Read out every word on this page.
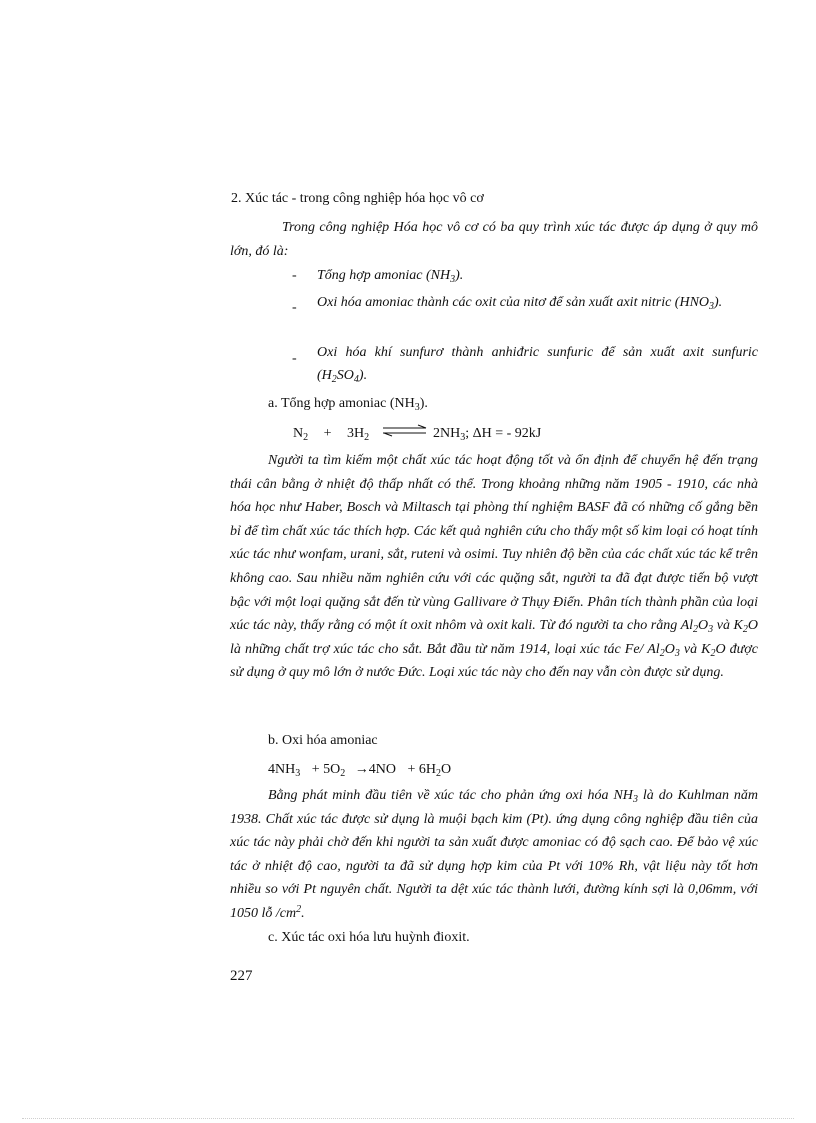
2. Xúc tác - trong công nghiệp hóa học vô cơ
Trong công nghiệp Hóa học vô cơ có ba quy trình xúc tác được áp dụng ở quy mô lớn, đó là:
- Tổng hợp amoniac $(NH_3)$.
- Oxi hóa amoniac thành các oxit của nitơ để sản xuất axit nitric $(HNO_3)$.
- Oxi hóa khí sunfurơ thành anhiđric sunfuric để sản xuất axit sunfuric $(H_2SO_4)$.
a. Tổng hợp amoniac $(NH_3)$.
$N_2 + 3H_2$ ⇌ $2NH_3$; ΔH = - 92kJ
Người ta tìm kiếm một chất xúc tác hoạt động tốt và ổn định để chuyển hệ đến trạng thái cân bằng ở nhiệt độ thấp nhất có thể. Trong khoảng những năm 1905 - 1910, các nhà hóa học như Haber, Bosch và Miltasch tại phòng thí nghiệm BASF đã có những cố gắng bền bỉ để tìm chất xúc tác thích hợp. Các kết quả nghiên cứu cho thấy một số kim loại có hoạt tính xúc tác như wonfam, urani, sắt, ruteni và osimi. Tuy nhiên độ bền của các chất xúc tác kể trên không cao. Sau nhiều năm nghiên cứu với các quặng sắt, người ta đã đạt được tiến bộ vượt bậc với một loại quặng sắt đến từ vùng Gallivare ở Thụy Điển. Phân tích thành phần của loại xúc tác này, thấy rằng có một ít oxit nhôm và oxit kali. Từ đó người ta cho rằng $Al_2O_3$ và $K_2O$ là những chất trợ xúc tác cho sắt. Bắt đầu từ năm 1914, loại xúc tác Fe/ $Al_2O_3$ và $K_2O$ được sử dụng ở quy mô lớn ở nước Đức. Loại xúc tác này cho đến nay vẫn còn được sử dụng.
b. Oxi hóa amoniac
$4NH_3 + 5O_2 \to 4NO + 6H_2O$
Bằng phát minh đầu tiên về xúc tác cho phản ứng oxi hóa $NH_3$ là do Kuhlman năm 1938. Chất xúc tác được sử dụng là muội bạch kim (Pt). ứng dụng công nghiệp đầu tiên của xúc tác này phải chờ đến khi người ta sản xuất được amoniac có độ sạch cao. Để bảo vệ xúc tác ở nhiệt độ cao, người ta đã sử dụng hợp kim của Pt với 10% Rh, vật liệu này tốt hơn nhiều so với Pt nguyên chất. Người ta dệt xúc tác thành lưới, đường kính sợi là 0,06mm, với 1050 lỗ $/cm^2$.
c. Xúc tác oxi hóa lưu huỳnh đioxit.
227
